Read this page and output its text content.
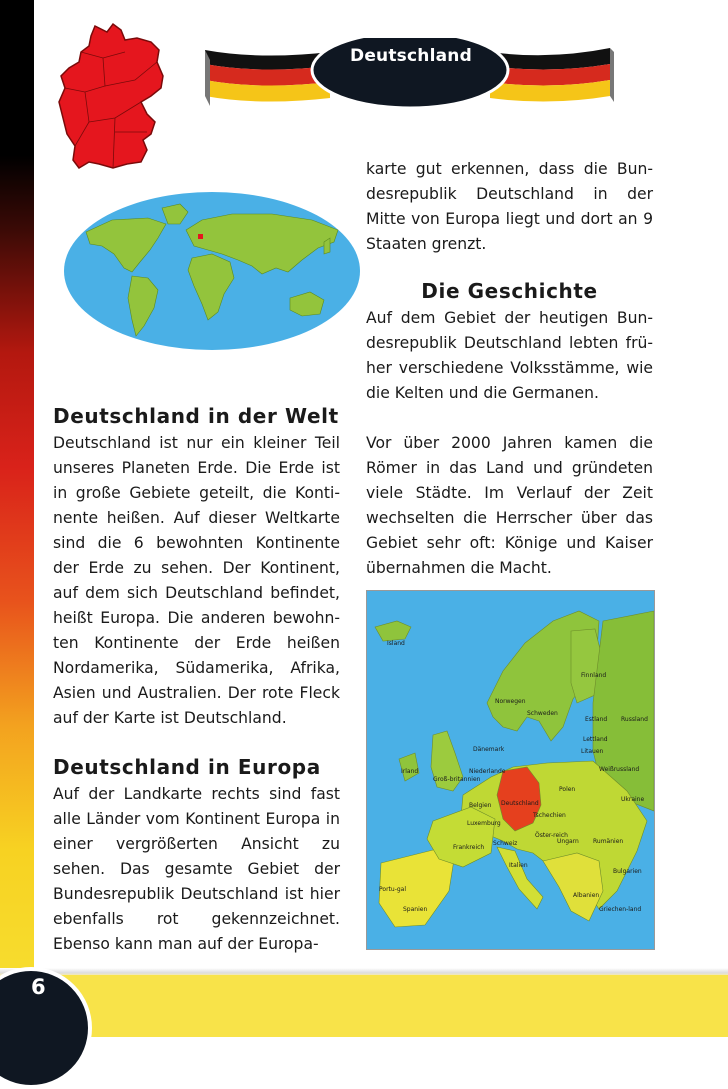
6
Deutschland
Deutschland in der Welt

Deutschland ist nur ein kleiner Teil unseres Planeten Erde. Die Erde ist in große Gebiete geteilt, die Konti- nente heißen. Auf dieser Weltkarte sind die 6 bewohnten Kontinente der Erde zu sehen. Der Kontinent, auf dem sich Deutschland befindet, heißt Europa. Die anderen bewohn- ten Kontinente der Erde heißen Nordamerika, Südamerika, Afrika, Asien und Australien. Der rote Fleck auf der Karte ist Deutschland.

Deutschland in Europa

Auf der Landkarte rechts sind fast alle Länder vom Kontinent Europa in einer vergrößerten Ansicht zu sehen. Das gesamte Gebiet der Bundesrepublik Deutschland ist hier ebenfalls rot gekennzeichnet. Ebenso kann man auf der Europa-

karte gut erkennen, dass die Bun- desrepublik Deutschland in der Mitte von Europa liegt und dort an 9 Staaten grenzt.

Die Geschichte

Auf dem Gebiet der heutigen Bun- desrepublik Deutschland lebten frü- her verschiedene Volksstämme, wie die Kelten und die Germanen.

Vor über 2000 Jahren kamen die Römer in das Land und gründeten viele Städte. Im Verlauf der Zeit wechselten die Herrscher über das Gebiet sehr oft: Könige und Kaiser übernahmen die Macht.

Island
Norwegen
Schweden
Finnland
Estland Russland
Lettland
Litauen
Dänemark
Irland
Groß-britannien
Niederlande
Belgien
Luxemburg
Deutschland
Polen
Weißrussland
Ukraine
Frankreich
Schweiz
Tschechien
Öster-reich
Italien
Ungarn Rumänien
Spanien
Portu-gal
Bulgarien
Albanien
Griechen-land
